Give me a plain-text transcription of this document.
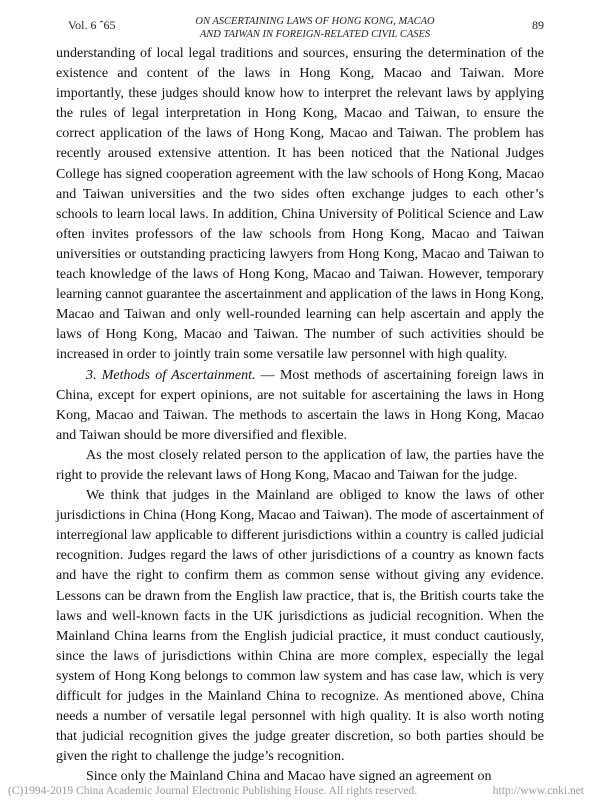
Vol. 6 ˆ65	ON ASCERTAINING LAWS OF HONG KONG, MACAO
AND TAIWAN IN FOREIGN-RELATED CIVIL CASES
89

understanding of local legal traditions and sources, ensuring the determination of the existence and content of the laws in Hong Kong, Macao and Taiwan. More importantly, these judges should know how to interpret the relevant laws by applying the rules of legal interpretation in Hong Kong, Macao and Taiwan, to ensure the correct application of the laws of Hong Kong, Macao and Taiwan. The problem has recently aroused extensive attention. It has been noticed that the National Judges College has signed cooperation agreement with the law schools of Hong Kong, Macao and Taiwan universities and the two sides often exchange judges to each other’s schools to learn local laws. In addition, China University of Political Science and Law often invites professors of the law schools from Hong Kong, Macao and Taiwan universities or outstanding practicing lawyers from Hong Kong, Macao and Taiwan to teach knowledge of the laws of Hong Kong, Macao and Taiwan. However, temporary learning cannot guarantee the ascertainment and application of the laws in Hong Kong, Macao and Taiwan and only well-rounded learning can help ascertain and apply the laws of Hong Kong, Macao and Taiwan. The number of such activities should be increased in order to jointly train some versatile law personnel with high quality.

3. Methods of Ascertainment. — Most methods of ascertaining foreign laws in China, except for expert opinions, are not suitable for ascertaining the laws in Hong Kong, Macao and Taiwan. The methods to ascertain the laws in Hong Kong, Macao and Taiwan should be more diversified and flexible.

As the most closely related person to the application of law, the parties have the right to provide the relevant laws of Hong Kong, Macao and Taiwan for the judge.

We think that judges in the Mainland are obliged to know the laws of other jurisdictions in China (Hong Kong, Macao and Taiwan). The mode of ascertainment of interregional law applicable to different jurisdictions within a country is called judicial recognition. Judges regard the laws of other jurisdictions of a country as known facts and have the right to confirm them as common sense without giving any evidence. Lessons can be drawn from the English law practice, that is, the British courts take the laws and well-known facts in the UK jurisdictions as judicial recognition. When the Mainland China learns from the English judicial practice, it must conduct cautiously, since the laws of jurisdictions within China are more complex, especially the legal system of Hong Kong belongs to common law system and has case law, which is very difficult for judges in the Mainland China to recognize. As mentioned above, China needs a number of versatile legal personnel with high quality. It is also worth noting that judicial recognition gives the judge greater discretion, so both parties should be given the right to challenge the judge’s recognition.

Since only the Mainland China and Macao have signed an agreement on

(C)1994-2019 China Academic Journal Electronic Publishing House. All rights reserved.	http://www.cnki.net
